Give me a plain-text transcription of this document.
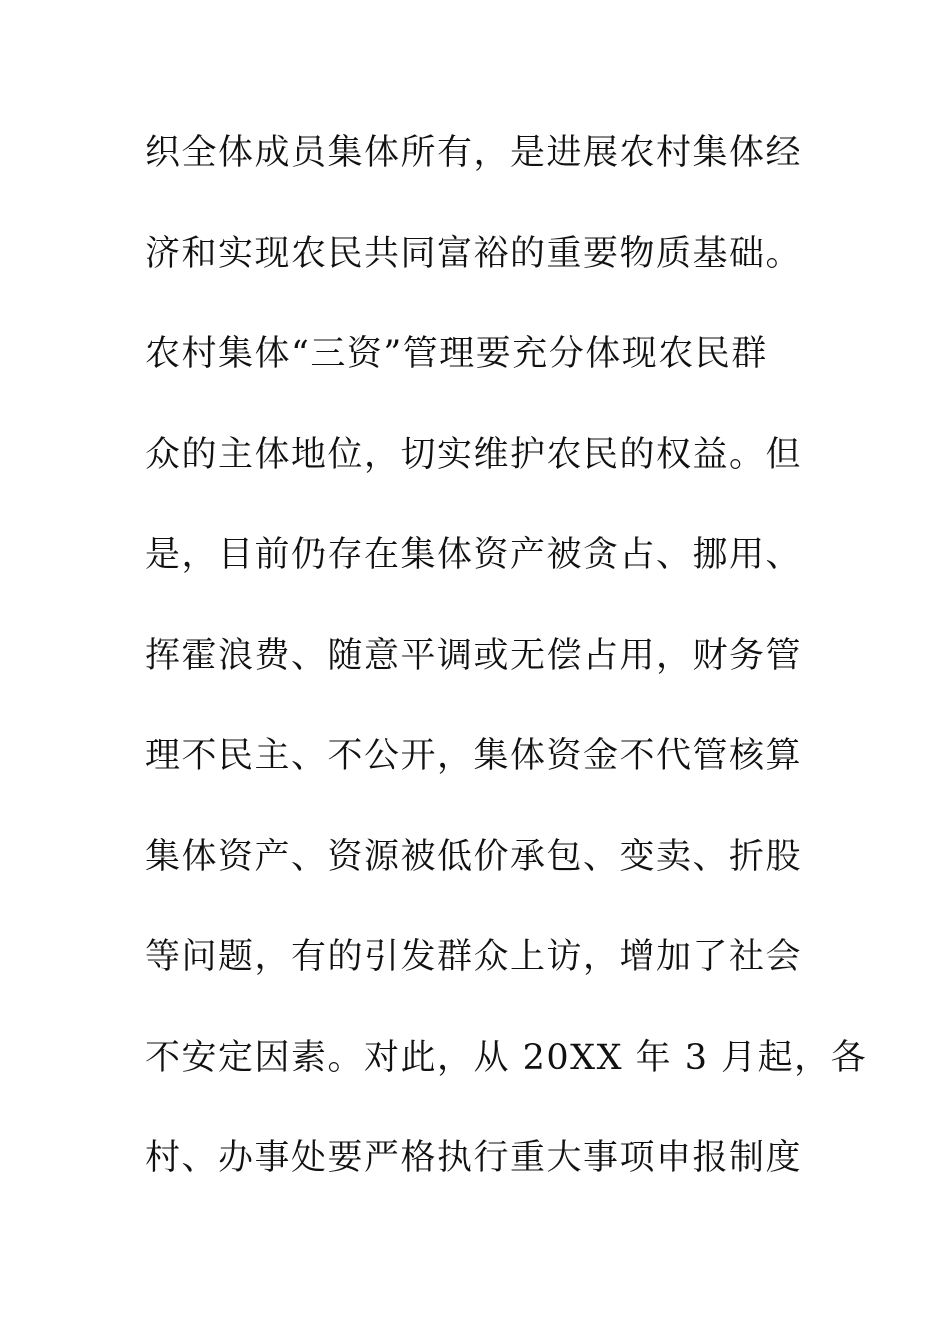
织全体成员集体所有，是进展农村集体经
济和实现农民共同富裕的重要物质基础。
农村集体“三资”管理要充分体现农民群
众的主体地位，切实维护农民的权益。但
是，目前仍存在集体资产被贪占、挪用、
挥霍浪费、随意平调或无偿占用，财务管
理不民主、不公开，集体资金不代管核算
集体资产、资源被低价承包、变卖、折股
等问题，有的引发群众上访，增加了社会
不安定因素。对此，从 20XX 年 3 月起，各
村、办事处要严格执行重大事项申报制度
